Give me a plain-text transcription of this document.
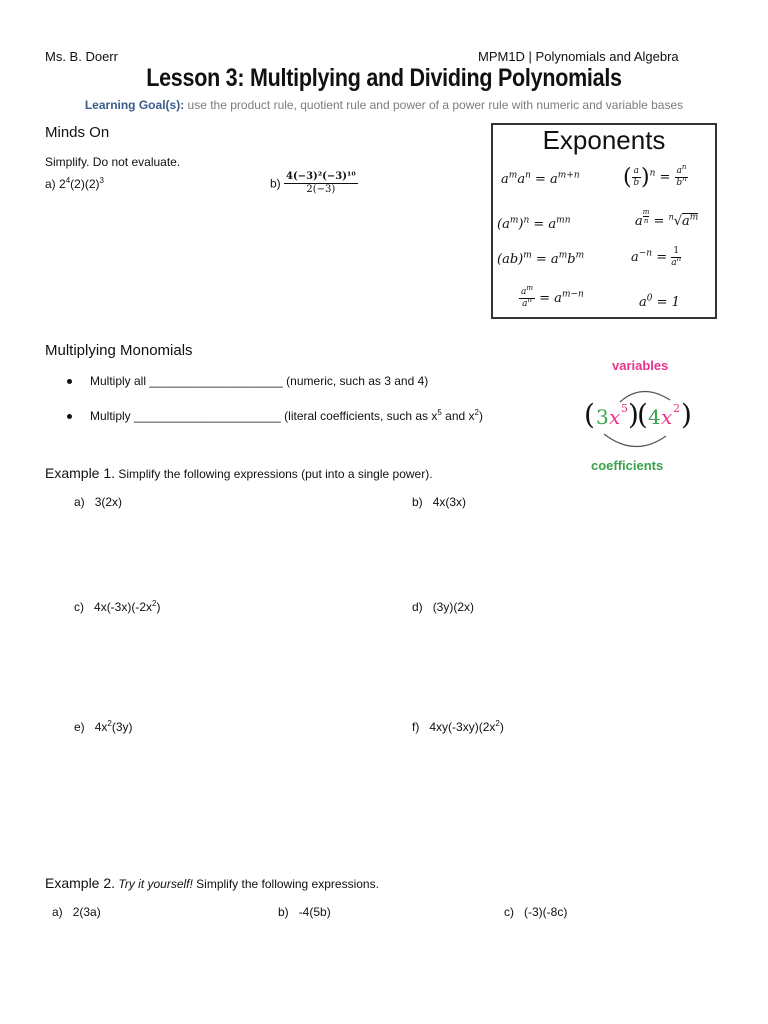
Ms. B. Doerr	MPM1D | Polynomials and Algebra
Lesson 3: Multiplying and Dividing Polynomials
Learning Goal(s): use the product rule, quotient rule and power of a power rule with numeric and variable bases
Minds On
Simplify. Do not evaluate.
a) $2^4(2)(2)^3$	$b) \frac{\text{4(−3)²(−3)¹⁰}}{2(-3)}$
Exponents
$a^ma^n = a^{m+n}$ ( $\frac{a}{b} )^n = \frac{a^n}{b^n}$
$(a^m)^n = a^{mn}$	a $^{\frac{m}{n}} = ^n√a^m$
$(ab)^m = a^mb^m$	$a^{-n} = \frac{1}{a^n}$
$\frac{a^m}{a^n} = a^{m-n}$
$a^0 = 1$
Multiplying Monomials
Multiply all ____________________ (numeric, such as 3 and 4)
Multiply ______________________ (literal coefficients, such as $x^5$ and $x^2$)
variables
( 3 x 5 )
( 4 x 2 )
coefficients
Example 1. Simplify the following expressions (put into a single power).
a) 3(2x)	b) 4x(3x)
c) $4x(-3x)(-2x^2)$	d) (3y)(2x)
e) $4x^2(3y)$	f) $4xy(-3xy)(2x^2)$
Example 2. Try it yourself! Simplify the following expressions.
a) 2(3a)	b) -4(5b)	c) (-3)(-8c)
